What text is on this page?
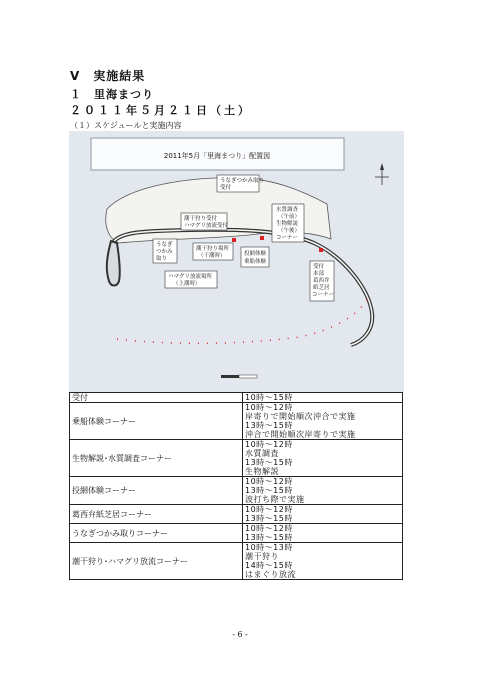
Ⅴ　実施結果
１　里海まつり
２０１１年５月２１日（土）
（１）スケジュールと実施内容
2011年5月「里海まつり」配置図
うなぎつかみ取り
受付
潮干狩り受付
ハマグリ放流受付
水質調査
（午前）
生物解説
（午後）
コーナー
うなぎ
つかみ
取り
潮干狩り場所
（干潮時）	投網体験
乗船体験
ハマグリ放流場所
（上潮時）
受付
本部
葛西弁
紙芝居
コーナー
受付	10時～15時

乗船体験コーナー	10時～12時
岸寄りで開始順次沖合で実施
13時～15時
沖合で開始順次岸寄りで実施

生物解説･水質調査コーナー	10時～12時
水質調査
13時～15時
生物解説

投網体験コーナー	10時～12時
13時～15時
波打ち際で実施

葛西弁紙芝居コーナー	10時～12時
13時～15時

うなぎつかみ取りコーナー	10時～12時
13時～15時

潮干狩り･ハマグリ放流コーナー	10時～13時
潮干狩り
14時～15時
はまぐり放流
- 6 -
